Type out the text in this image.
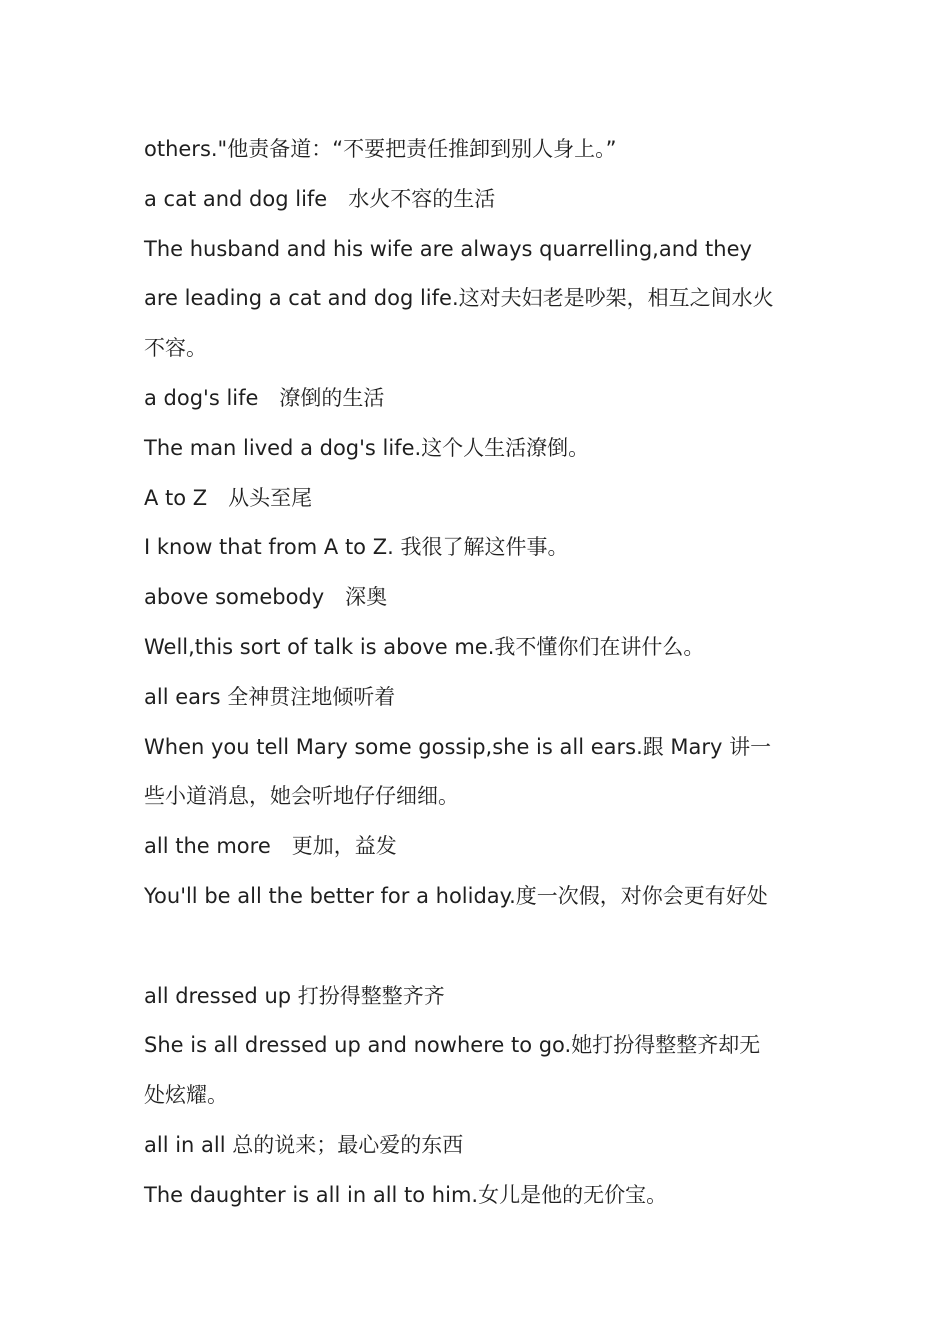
others."他责备道：“不要把责任推卸到别人身上。”
a cat and dog life　水火不容的生活
The husband and his wife are always quarrelling,and they
are leading a cat and dog life.这对夫妇老是吵架，相互之间水火
不容。
a dog's life　潦倒的生活
The man lived a dog's life.这个人生活潦倒。
A to Z　从头至尾
I know that from A to Z. 我很了解这件事。
above somebody　深奥
Well,this sort of talk is above me.我不懂你们在讲什么。
all ears 全神贯注地倾听着
When you tell Mary some gossip,she is all ears.跟 Mary 讲一
些小道消息，她会听地仔仔细细。
all the more　更加，益发
You'll be all the better for a holiday.度一次假，对你会更有好处
all dressed up 打扮得整整齐齐
She is all dressed up and nowhere to go.她打扮得整整齐却无
处炫耀。
all in all 总的说来；最心爱的东西
The daughter is all in all to him.女儿是他的无价宝。
